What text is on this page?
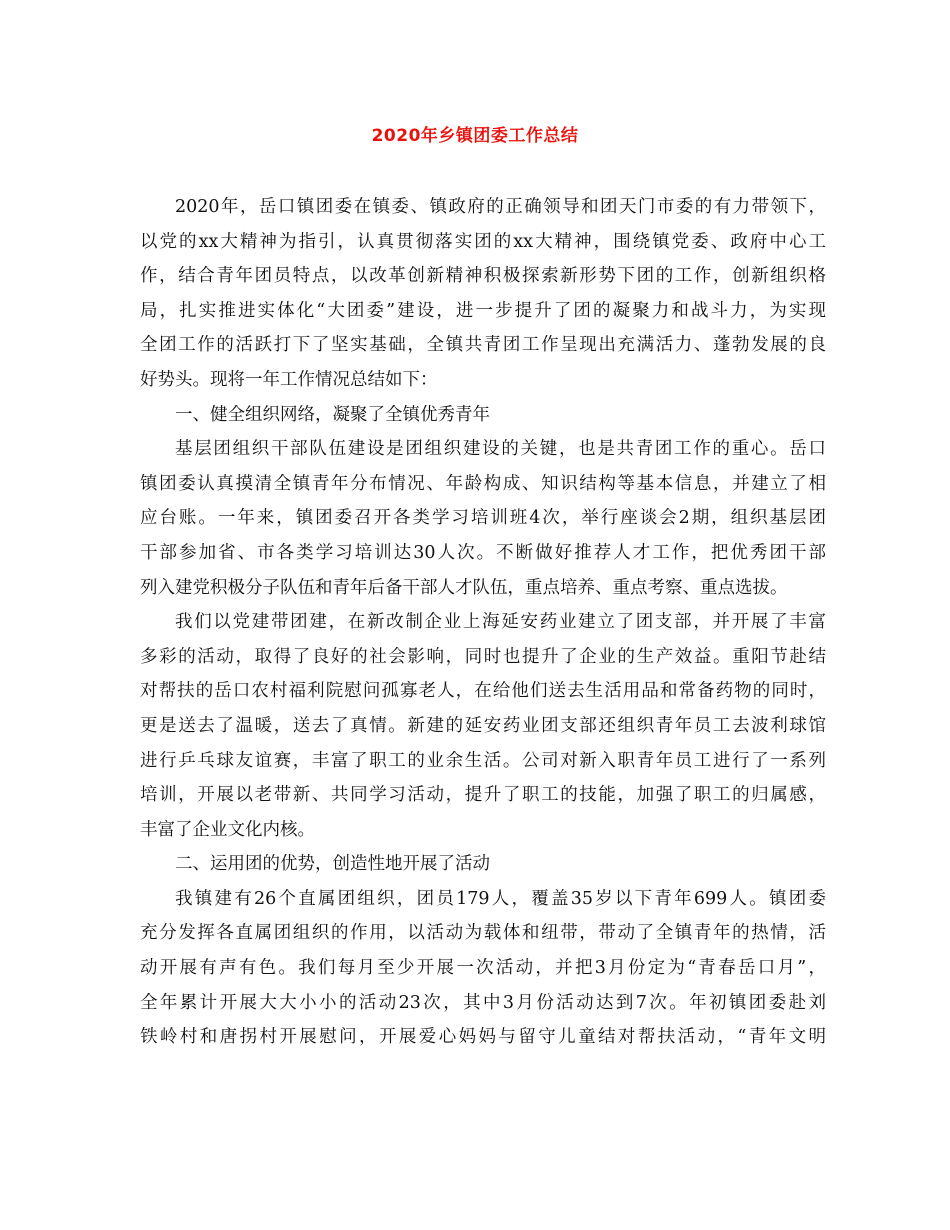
2020年乡镇团委工作总结
2020年，岳口镇团委在镇委、镇政府的正确领导和团天门市委的有力带领下，
以党的xx大精神为指引，认真贯彻落实团的xx大精神，围绕镇党委、政府中心工
作，结合青年团员特点，以改革创新精神积极探索新形势下团的工作，创新组织格
局，扎实推进实体化“大团委”建设，进一步提升了团的凝聚力和战斗力，为实现
全团工作的活跃打下了坚实基础，全镇共青团工作呈现出充满活力、蓬勃发展的良
好势头。现将一年工作情况总结如下：
一、健全组织网络，凝聚了全镇优秀青年
基层团组织干部队伍建设是团组织建设的关键，也是共青团工作的重心。岳口
镇团委认真摸清全镇青年分布情况、年龄构成、知识结构等基本信息，并建立了相
应台账。一年来，镇团委召开各类学习培训班4次，举行座谈会2期，组织基层团
干部参加省、市各类学习培训达30人次。不断做好推荐人才工作，把优秀团干部
列入建党积极分子队伍和青年后备干部人才队伍，重点培养、重点考察、重点选拔。
我们以党建带团建，在新改制企业上海延安药业建立了团支部，并开展了丰富
多彩的活动，取得了良好的社会影响，同时也提升了企业的生产效益。重阳节赴结
对帮扶的岳口农村福利院慰问孤寡老人，在给他们送去生活用品和常备药物的同时，
更是送去了温暖，送去了真情。新建的延安药业团支部还组织青年员工去波利球馆
进行乒乓球友谊赛，丰富了职工的业余生活。公司对新入职青年员工进行了一系列
培训，开展以老带新、共同学习活动，提升了职工的技能，加强了职工的归属感，
丰富了企业文化内核。
二、运用团的优势，创造性地开展了活动
我镇建有26个直属团组织，团员179人，覆盖35岁以下青年699人。镇团委
充分发挥各直属团组织的作用，以活动为载体和纽带，带动了全镇青年的热情，活
动开展有声有色。我们每月至少开展一次活动，并把3月份定为“青春岳口月”，
全年累计开展大大小小的活动23次，其中3月份活动达到7次。年初镇团委赴刘
铁岭村和唐拐村开展慰问，开展爱心妈妈与留守儿童结对帮扶活动，“青年文明
